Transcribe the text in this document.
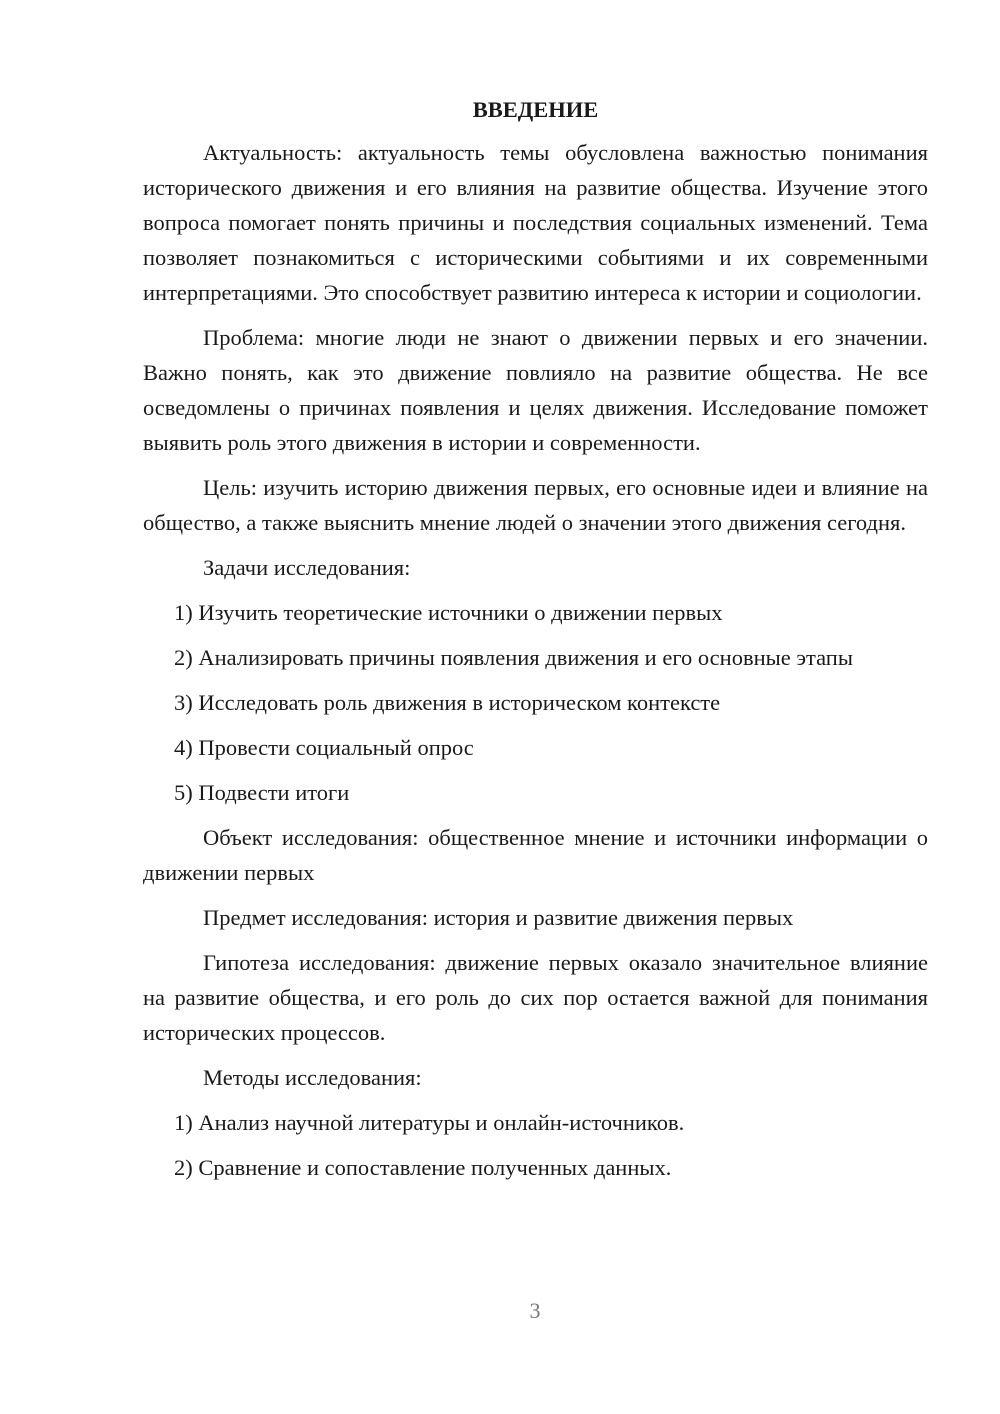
ВВЕДЕНИЕ

Актуальность: актуальность темы обусловлена важностью понимания исторического движения и его влияния на развитие общества. Изучение этого вопроса помогает понять причины и последствия социальных изменений. Тема позволяет познакомиться с историческими событиями и их современными интерпретациями. Это способствует развитию интереса к истории и социологии.

Проблема: многие люди не знают о движении первых и его значении. Важно понять, как это движение повлияло на развитие общества. Не все осведомлены о причинах появления и целях движения. Исследование поможет выявить роль этого движения в истории и современности.

Цель: изучить историю движения первых, его основные идеи и влияние на общество, а также выяснить мнение людей о значении этого движения сегодня.

Задачи исследования:

1) Изучить теоретические источники о движении первых
2) Анализировать причины появления движения и его основные этапы
3) Исследовать роль движения в историческом контексте
4) Провести социальный опрос
5) Подвести итоги

Объект исследования: общественное мнение и источники информации о движении первых

Предмет исследования: история и развитие движения первых

Гипотеза исследования: движение первых оказало значительное влияние на развитие общества, и его роль до сих пор остается важной для понимания исторических процессов.

Методы исследования:

1) Анализ научной литературы и онлайн-источников.
2) Сравнение и сопоставление полученных данных.
3
